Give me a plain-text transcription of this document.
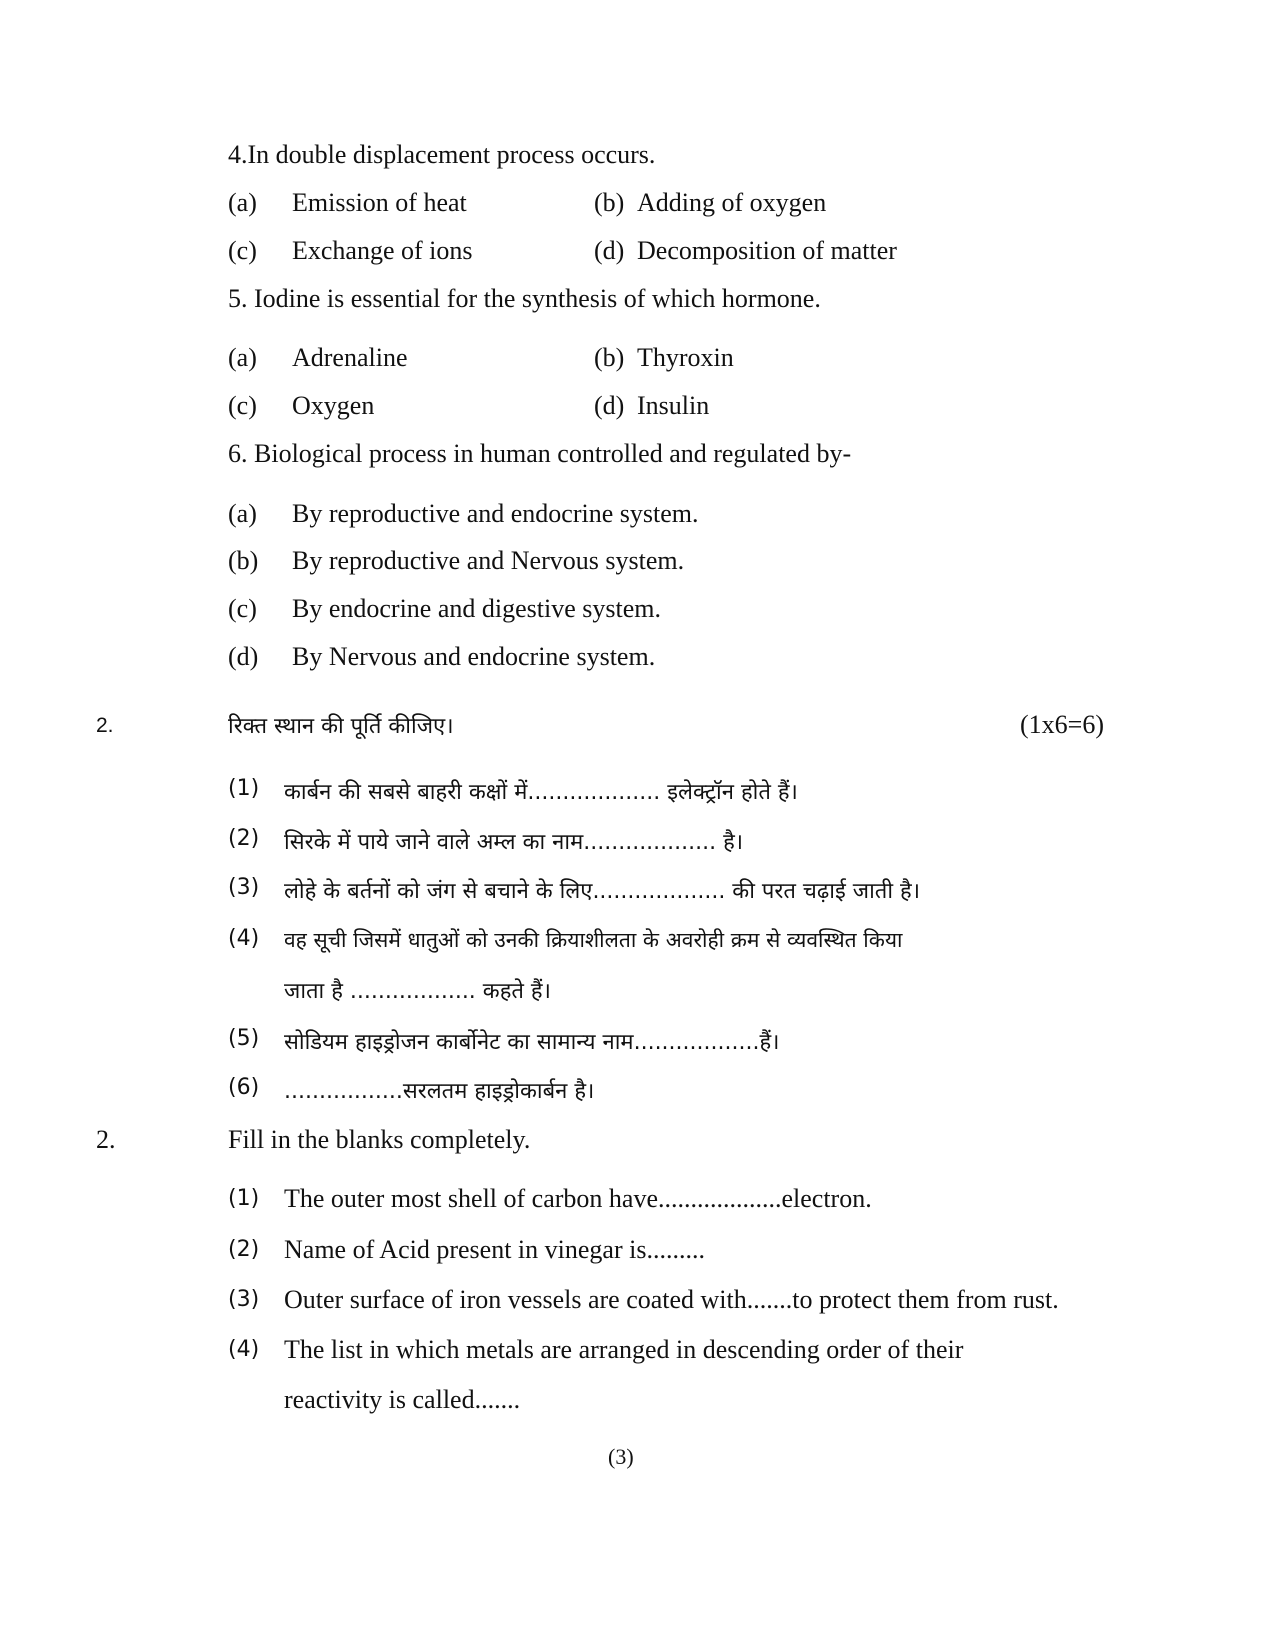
4.In double displacement process occurs.
(a) Emission of heat	(b) Adding of oxygen
(c) Exchange of ions	(d) Decomposition of matter
5. Iodine is essential for the synthesis of which hormone.
(a) Adrenaline	(b) Thyroxin
(c) Oxygen	(d) Insulin
6. Biological process in human controlled and regulated by-
(a) By reproductive and endocrine system.
(b) By reproductive and Nervous system.
(c) By endocrine and digestive system.
(d) By Nervous and endocrine system.
2.	रिक्त स्थान की पूर्ति कीजिए।	(1x6=6)
(1) कार्बन की सबसे बाहरी कक्षों में................... इलेक्ट्रॉन होते हैं।
(2) सिरके में पाये जाने वाले अम्ल का नाम................... है।
(3) लोहे के बर्तनों को जंग से बचाने के लिए................... की परत चढ़ाई जाती है।
(4) वह सूची जिसमें धातुओं को उनकी क्रियाशीलता के अवरोही क्रम से व्यवस्थित किया
जाता है .................. कहते हैं।
(5) सोडियम हाइड्रोजन कार्बोनेट का सामान्य नाम..................हैं।
(6) .................सरलतम हाइड्रोकार्बन है।
2.	Fill in the blanks completely.
(1) The outer most shell of carbon have...................electron.
(2) Name of Acid present in vinegar is.........
(3) Outer surface of iron vessels are coated with.......to protect them from rust.
(4) The list in which metals are arranged in descending order of their
reactivity is called.......
(3)
